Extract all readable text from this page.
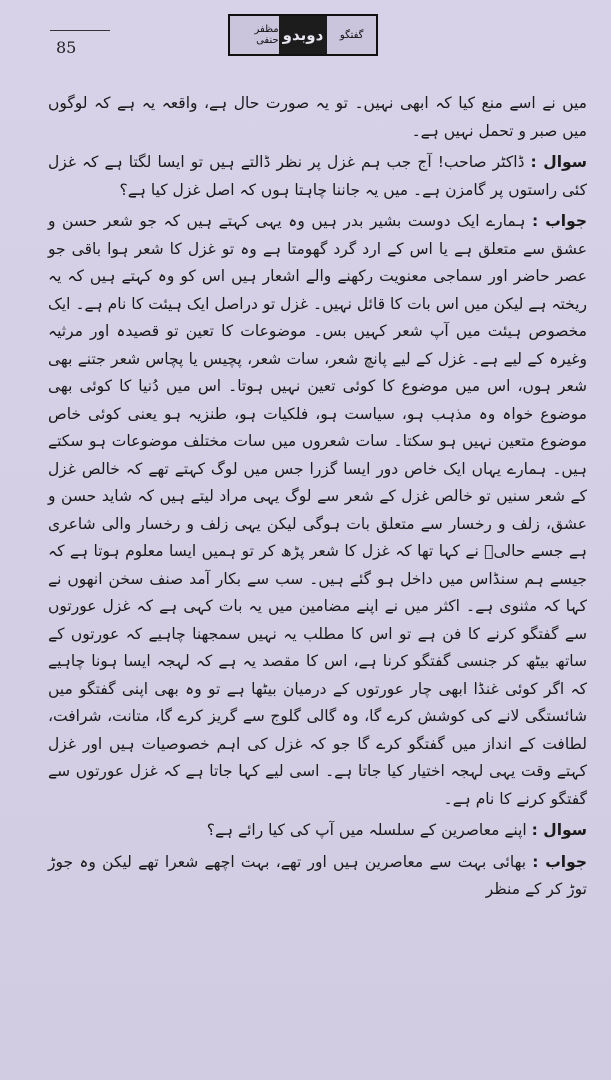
85
گفتگو
دوبدو
مظفر حنفی

میں نے اسے منع کیا کہ ابھی نہیں۔ تو یہ صورت حال ہے، واقعہ یہ ہے کہ لوگوں میں صبر و تحمل نہیں ہے۔

سوال : ڈاکٹر صاحب! آج جب ہم غزل پر نظر ڈالتے ہیں تو ایسا لگتا ہے کہ غزل کئی راستوں پر گامزن ہے۔ میں یہ جاننا چاہتا ہوں کہ اصل غزل کیا ہے؟

جواب : ہمارے ایک دوست بشیر بدر ہیں وہ یہی کہتے ہیں کہ جو شعر حسن و عشق سے متعلق ہے یا اس کے ارد گرد گھومتا ہے وہ تو غزل کا شعر ہوا باقی جو عصر حاضر اور سماجی معنویت رکھنے والے اشعار ہیں اس کو وہ کہتے ہیں کہ یہ ریختہ ہے لیکن میں اس بات کا قائل نہیں۔ غزل تو دراصل ایک ہیئت کا نام ہے۔ ایک مخصوص ہیئت میں آپ شعر کہیں بس۔ موضوعات کا تعین تو قصیدہ اور مرثیہ وغیرہ کے لیے ہے۔ غزل کے لیے پانچ شعر، سات شعر، پچیس یا پچاس شعر جتنے بھی شعر ہوں، اس میں موضوع کا کوئی تعین نہیں ہوتا۔ اس میں دُنیا کا کوئی بھی موضوع خواہ وہ مذہب ہو، سیاست ہو، فلکیات ہو، طنزیہ ہو یعنی کوئی خاص موضوع متعین نہیں ہو سکتا۔ سات شعروں میں سات مختلف موضوعات ہو سکتے ہیں۔ ہمارے یہاں ایک خاص دور ایسا گزرا جس میں لوگ کہتے تھے کہ خالص غزل کے شعر سنیں تو خالص غزل کے شعر سے لوگ یہی مراد لیتے ہیں کہ شاید حسن و عشق، زلف و رخسار سے متعلق بات ہوگی لیکن یہی زلف و رخسار والی شاعری ہے جسے حالیؔ نے کہا تھا کہ غزل کا شعر پڑھ کر تو ہمیں ایسا معلوم ہوتا ہے کہ جیسے ہم سنڈاس میں داخل ہو گئے ہیں۔ سب سے بکار آمد صنف سخن انھوں نے کہا کہ مثنوی ہے۔ اکثر میں نے اپنے مضامین میں یہ بات کہی ہے کہ غزل عورتوں سے گفتگو کرنے کا فن ہے تو اس کا مطلب یہ نہیں سمجھنا چاہیے کہ عورتوں کے ساتھ بیٹھ کر جنسی گفتگو کرنا ہے، اس کا مقصد یہ ہے کہ لہجہ ایسا ہونا چاہیے کہ اگر کوئی غنڈا ابھی چار عورتوں کے درمیان بیٹھا ہے تو وہ بھی اپنی گفتگو میں شائستگی لانے کی کوشش کرے گا، وہ گالی گلوج سے گریز کرے گا، متانت، شرافت، لطافت کے انداز میں گفتگو کرے گا جو کہ غزل کی اہم خصوصیات ہیں اور غزل کہتے وقت یہی لہجہ اختیار کیا جاتا ہے۔ اسی لیے کہا جاتا ہے کہ غزل عورتوں سے گفتگو کرنے کا نام ہے۔

سوال : اپنے معاصرین کے سلسلہ میں آپ کی کیا رائے ہے؟

جواب : بھائی بہت سے معاصرین ہیں اور تھے، بہت اچھے شعرا تھے لیکن وہ جوڑ توڑ کر کے منظر
